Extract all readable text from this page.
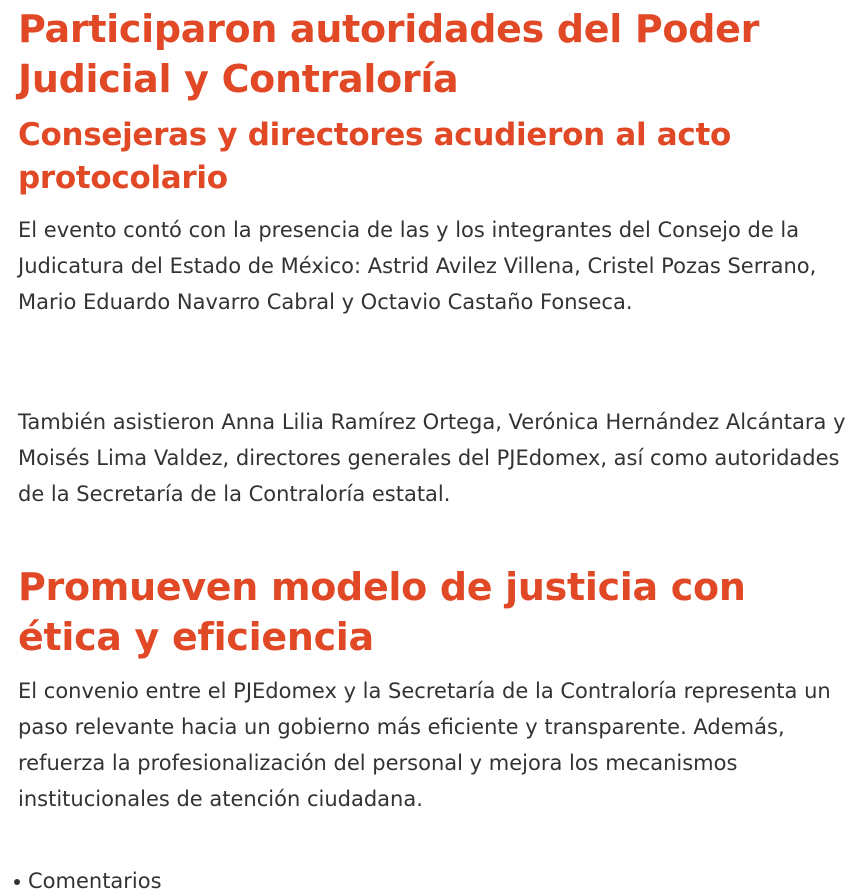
Participaron autoridades del Poder Judicial y Contraloría
Consejeras y directores acudieron al acto protocolario

El evento contó con la presencia de las y los integrantes del Consejo de la Judicatura del Estado de México: Astrid Avilez Villena, Cristel Pozas Serrano, Mario Eduardo Navarro Cabral y Octavio Castaño Fonseca.

También asistieron Anna Lilia Ramírez Ortega, Verónica Hernández Alcántara y Moisés Lima Valdez, directores generales del PJEdomex, así como autoridades de la Secretaría de la Contraloría estatal.

Promueven modelo de justicia con ética y eficiencia

El convenio entre el PJEdomex y la Secretaría de la Contraloría representa un paso relevante hacia un gobierno más eficiente y transparente. Además, refuerza la profesionalización del personal y mejora los mecanismos institucionales de atención ciudadana.

Comentarios
